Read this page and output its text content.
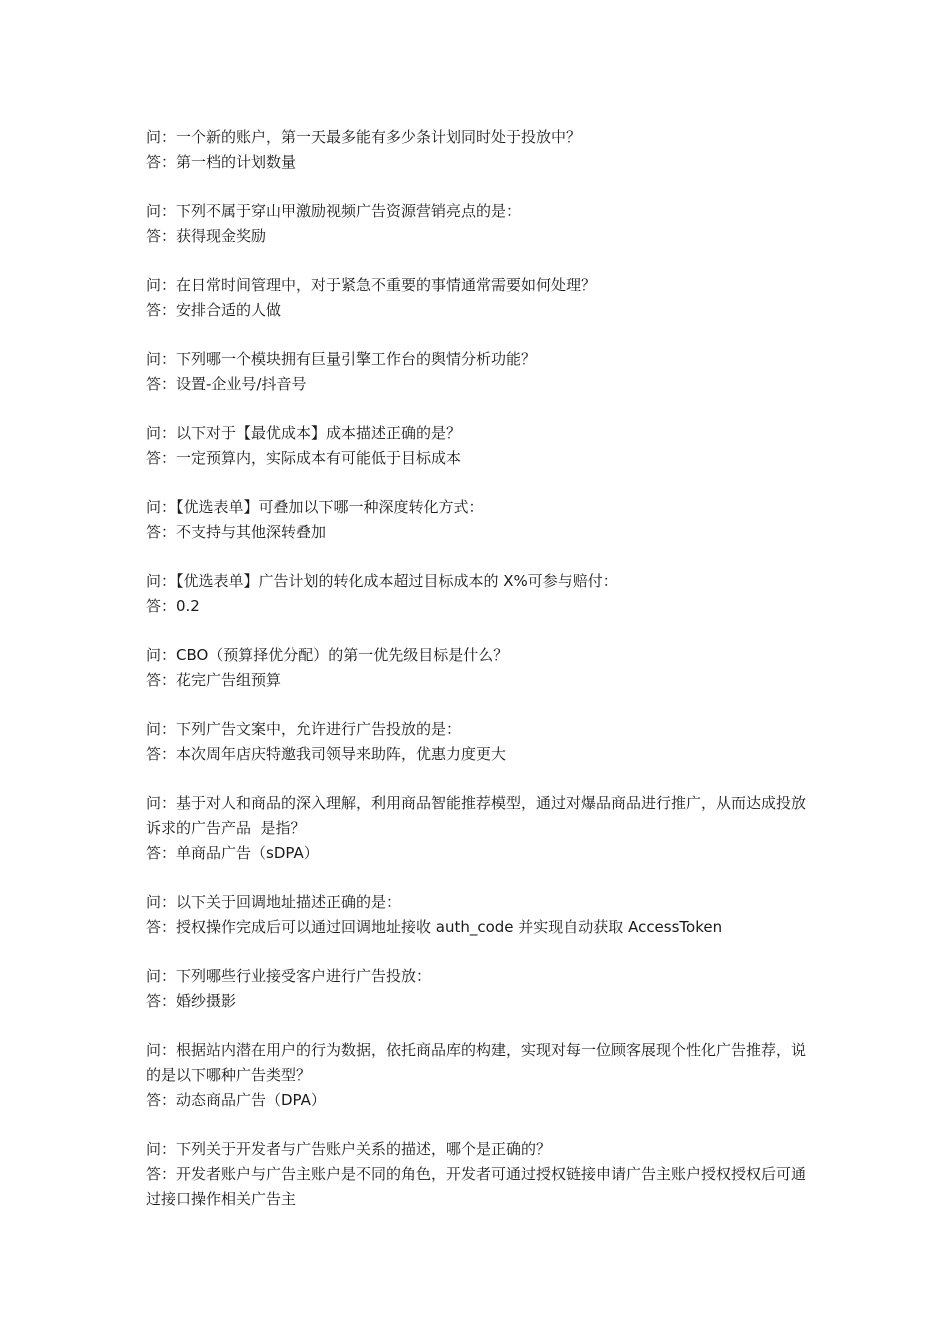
问：一个新的账户，第一天最多能有多少条计划同时处于投放中？
答：第一档的计划数量
问：下列不属于穿山甲激励视频广告资源营销亮点的是：
答：获得现金奖励
问：在日常时间管理中，对于紧急不重要的事情通常需要如何处理？
答：安排合适的人做
问：下列哪一个模块拥有巨量引擎工作台的舆情分析功能？
答：设置-企业号/抖音号
问：以下对于【最优成本】成本描述正确的是？
答：一定预算内，实际成本有可能低于目标成本
问：【优选表单】可叠加以下哪一种深度转化方式：
答：不支持与其他深转叠加
问：【优选表单】广告计划的转化成本超过目标成本的 X%可参与赔付：
答：0.2
问：CBO（预算择优分配）的第一优先级目标是什么？
答：花完广告组预算
问：下列广告文案中，允许进行广告投放的是：
答：本次周年店庆特邀我司领导来助阵，优惠力度更大
问：基于对人和商品的深入理解，利用商品智能推荐模型，通过对爆品商品进行推广，从而达成投放诉求的广告产品  是指？
答：单商品广告（sDPA）
问：以下关于回调地址描述正确的是：
答：授权操作完成后可以通过回调地址接收 auth_code 并实现自动获取 AccessToken
问：下列哪些行业接受客户进行广告投放：
答：婚纱摄影
问：根据站内潜在用户的行为数据，依托商品库的构建，实现对每一位顾客展现个性化广告推荐，说的是以下哪种广告类型？
答：动态商品广告（DPA）
问：下列关于开发者与广告账户关系的描述，哪个是正确的？
答：开发者账户与广告主账户是不同的角色，开发者可通过授权链接申请广告主账户授权授权后可通过接口操作相关广告主
